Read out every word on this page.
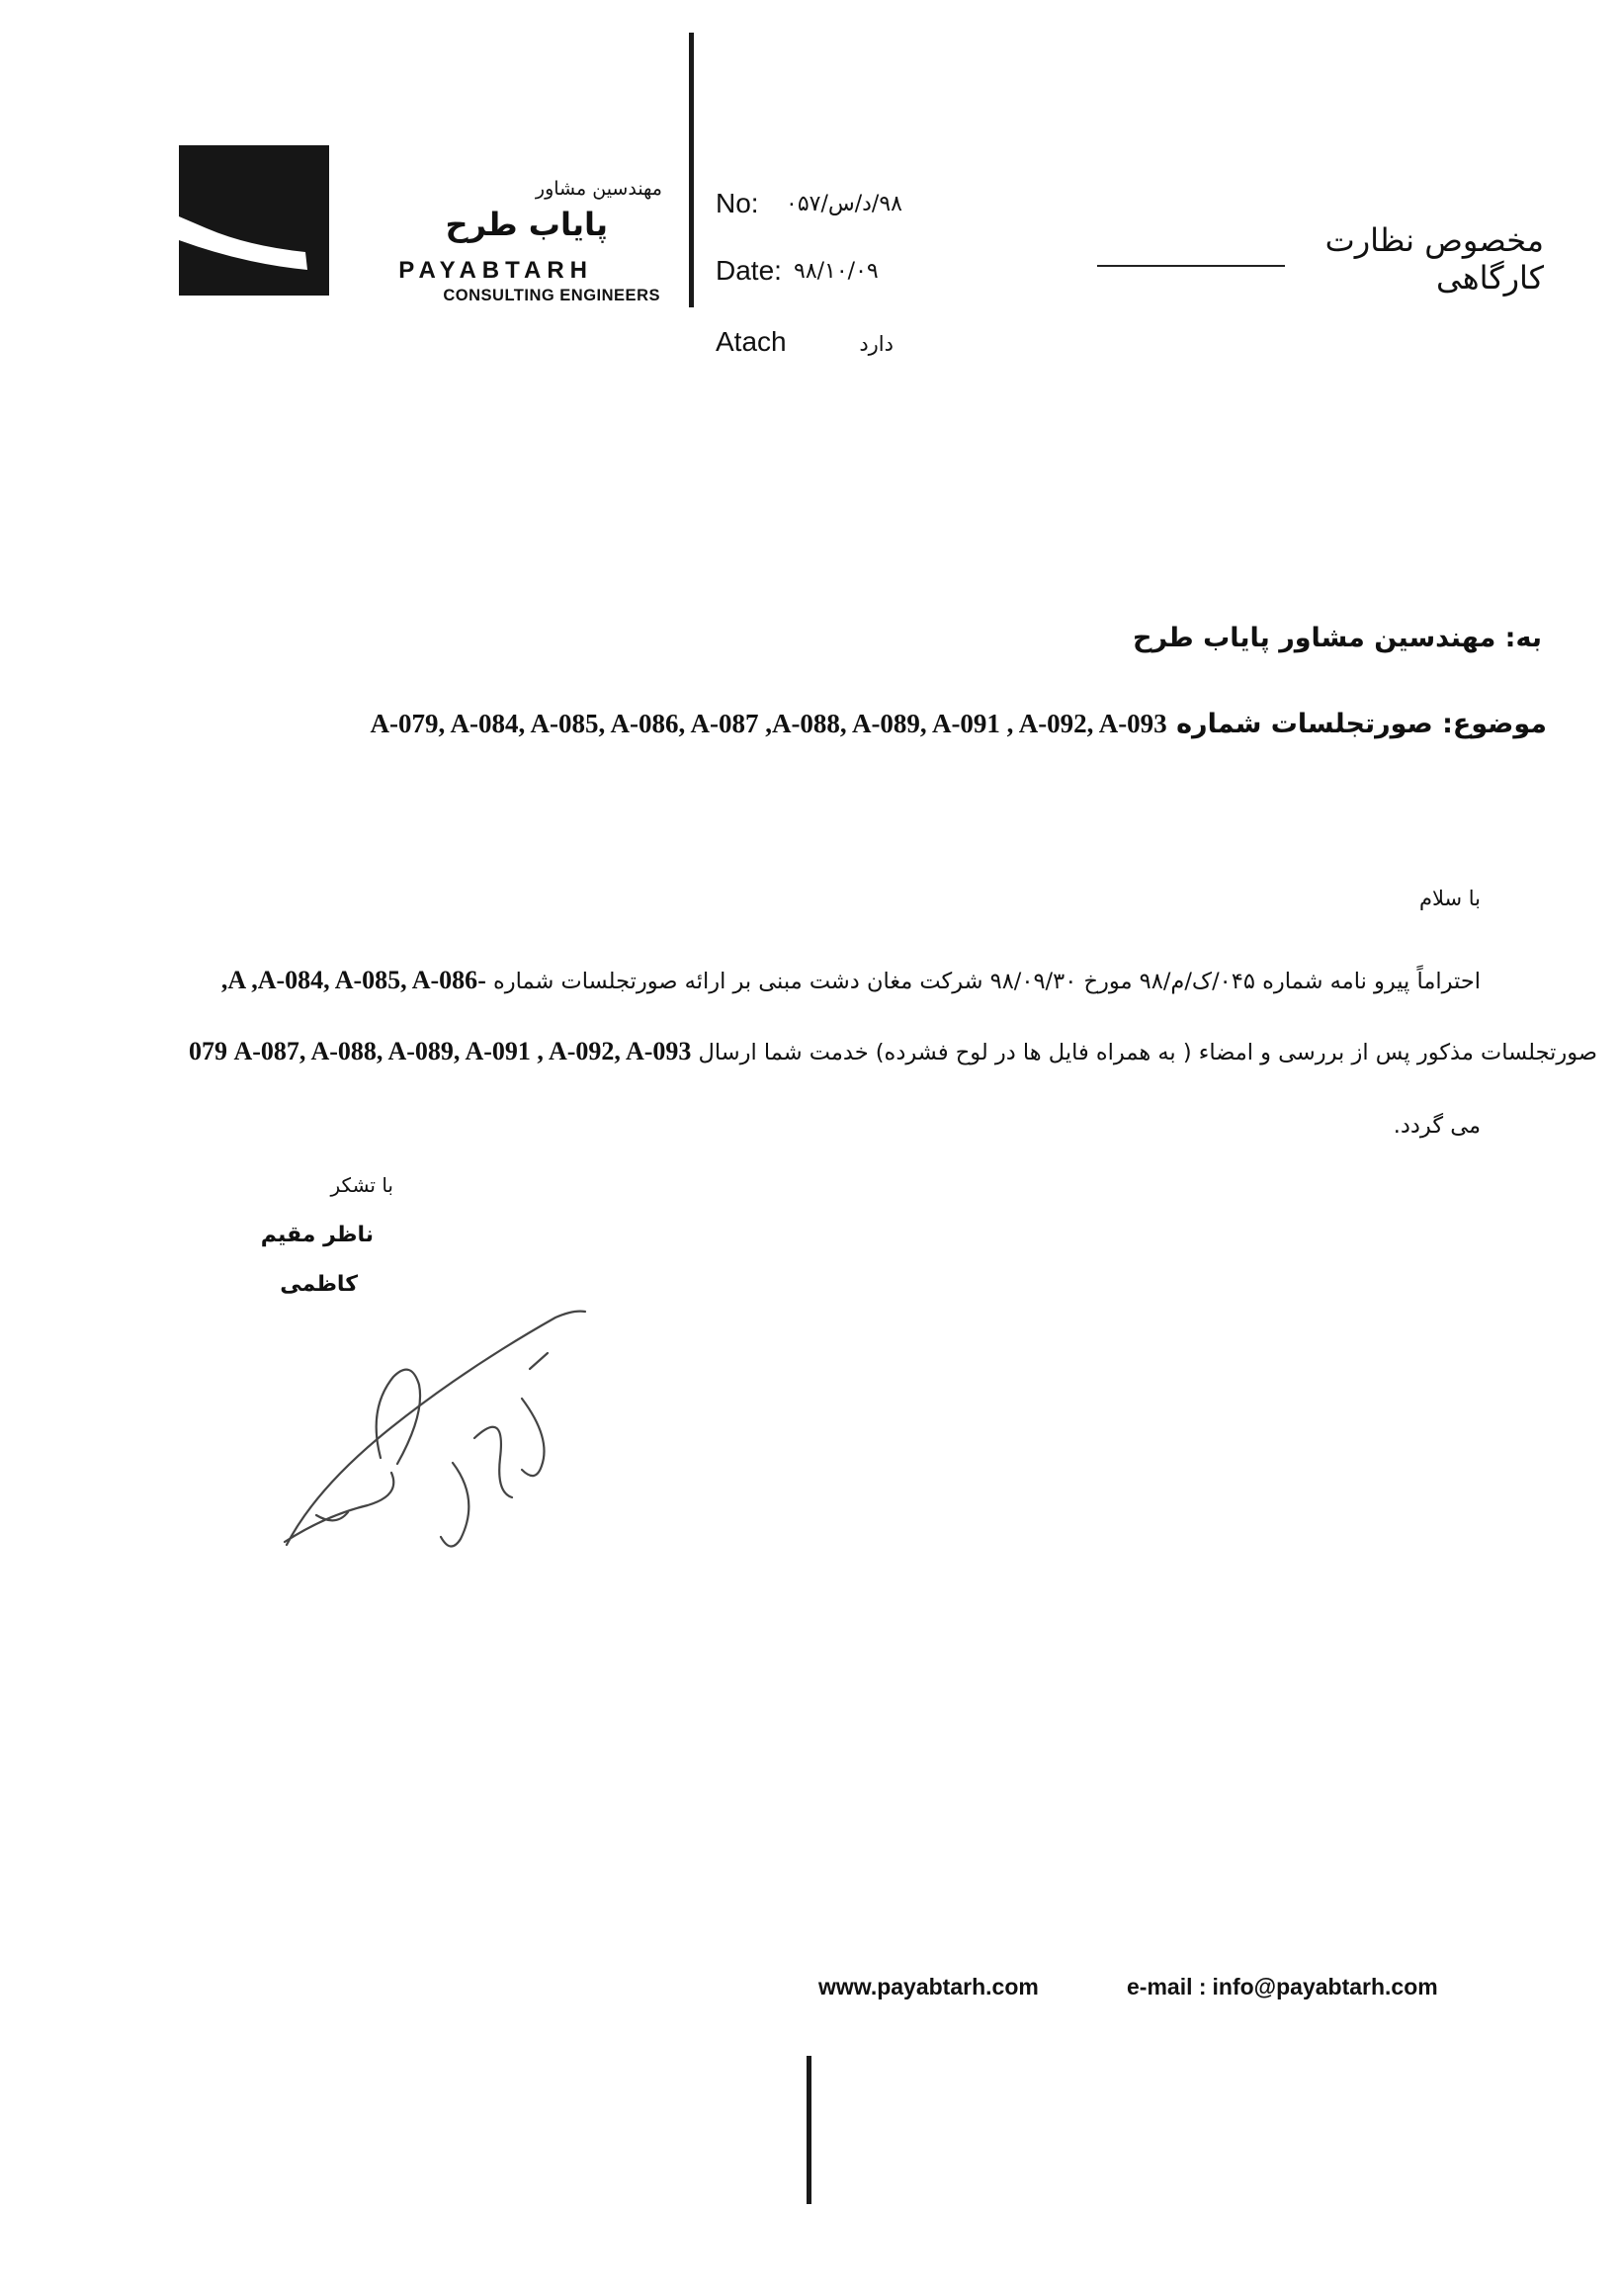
مهندسین مشاور
پایاب طرح
PAYABTARH
CONSULTING ENGINEERS
No: ۹۸/د/س/۰۵۷
Date: ۹۸/۱۰/۰۹
Atach	دارد
مخصوص نظارت کارگاهی
به: مهندسین مشاور پایاب طرح
موضوع: صورتجلسات شماره A-079, A-084, A-085, A-086, A-087 ,A-088, A-089, A-091 , A-092, A-093
با سلام
احتراماً پیرو نامه شماره ۰۴۵/ک/م/۹۸ مورخ ۹۸/۰۹/۳۰ شرکت مغان دشت مبنی بر ارائه صورتجلسات شماره -A ,A-084, A-085, A-086,
صورتجلسات مذکور پس از بررسی و امضاء ( به همراه فایل ها در لوح فشرده) خدمت شما ارسال 079 A-087, A-088, A-089, A-091 , A-092, A-093
می گردد.
با تشکر
ناظر مقیم
کاظمی
www.payabtarh.com	e-mail : info@payabtarh.com
